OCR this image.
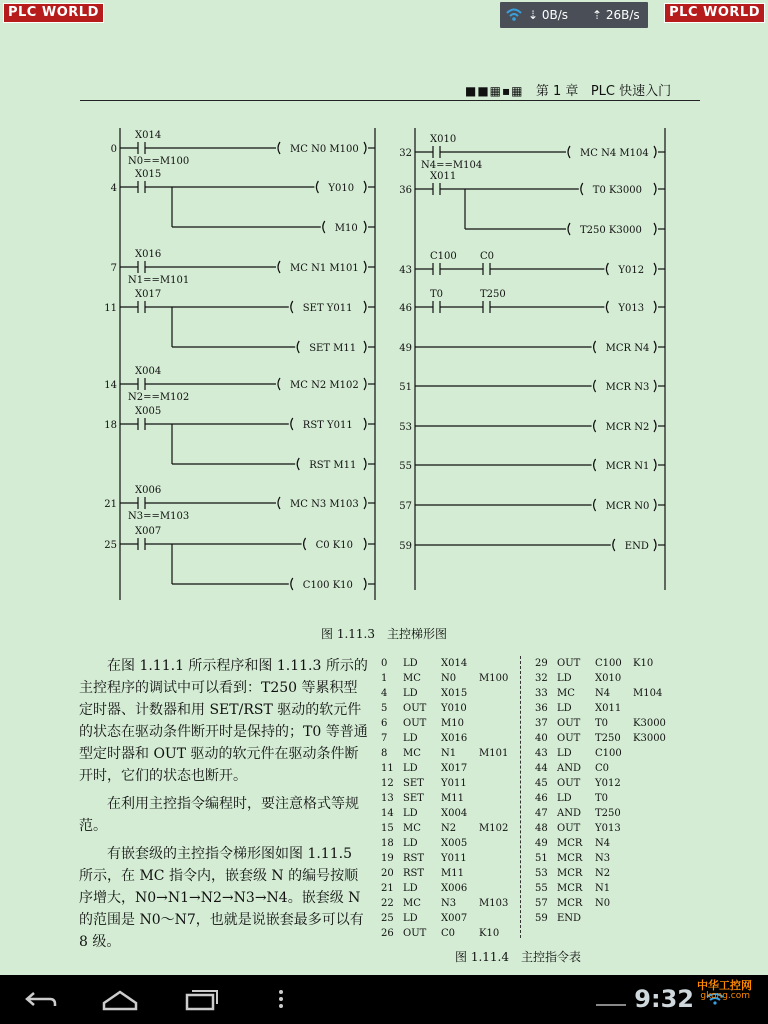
PLC WORLD	PLC WORLD
⇣ 0B/s ⇡ 26B/s
■■▦▪▦ 第 1 章 PLC 快速入门
0
X014
MC N0 M100
N0==M100
4
X015
Y010
M10
7
X016
MC N1 M101
N1==M101
11
X017
SET Y011
SET M11
14
X004
MC N2 M102
N2==M102
18
X005
RST Y011
RST M11
21
X006
MC N3 M103
N3==M103
25
X007
C0 K10
C100 K10
32
X010
MC N4 M104
N4==M104
36
X011
T0 K3000
T250 K3000
43
C100 C0
Y012
46
T0	T250
Y013
49	MCR N4
51	MCR N3
53	MCR N2
55	MCR N1
57	MCR N0
59	END
图 1.11.3　主控梯形图

在图 1.11.1 所示程序和图 1.11.3 所示的主控程序的调试中可以看到：T250 等累积型定时器、计数器和用 SET/RST 驱动的软元件的状态在驱动条件断开时是保持的；T0 等普通型定时器和 OUT 驱动的软元件在驱动条件断开时，它们的状态也断开。

在利用主控指令编程时，要注意格式等规范。

有嵌套级的主控指令梯形图如图 1.11.5 所示，在 MC 指令内，嵌套级 N 的编号按顺序增大，N0→N1→N2→N3→N4。嵌套级 N 的范围是 N0～N7，也就是说嵌套最多可以有 8 级。

0 LD X014
1 MC N0 M100
4 LD X015
5 OUT Y010
6 OUT M10
7 LD X016
8 MC N1 M101
11 LD X017
12 SET Y011
13 SET M11
14 LD X004
15 MC N2 M102
18 LD X005
19 RST Y011
20 RST M11
21 LD X006
22 MC N3 M103
25 LD X007
26 OUT C0 K10
29 OUT C100 K10
32 LD X010
33 MC N4 M104
36 LD X011
37 OUT T0 K3000
40 OUT T250 K3000
43 LD C100
44 AND C0
45 OUT Y012
46 LD T0
47 AND T250
48 OUT Y013
49 MCR N4
51 MCR N3
53 MCR N2
55 MCR N1
57 MCR N0
59 END
图 1.11.4　主控指令表
9:32 中华工控网
gkong.com
